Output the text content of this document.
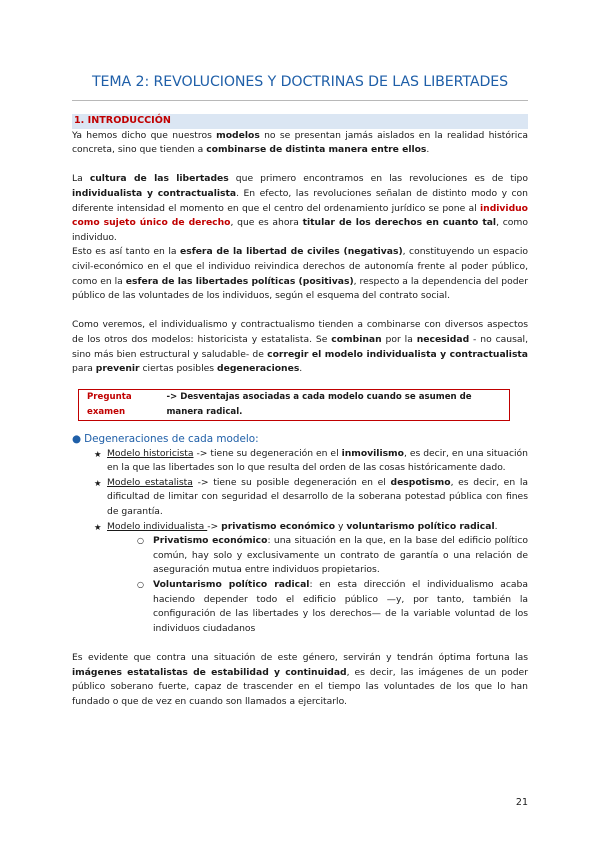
TEMA 2: REVOLUCIONES Y DOCTRINAS DE LAS LIBERTADES
1. INTRODUCCIÓN

Ya hemos dicho que nuestros modelos no se presentan jamás aislados en la realidad histórica concreta, sino que tienden a combinarse de distinta manera entre ellos.

La cultura de las libertades que primero encontramos en las revoluciones es de tipo individualista y contractualista. En efecto, las revoluciones señalan de distinto modo y con diferente intensidad el momento en que el centro del ordenamiento jurídico se pone al individuo como sujeto único de derecho, que es ahora titular de los derechos en cuanto tal, como individuo.

Esto es así tanto en la esfera de la libertad de civiles (negativas), constituyendo un espacio civil-económico en el que el individuo reivindica derechos de autonomía frente al poder público, como en la esfera de las libertades políticas (positivas), respecto a la dependencia del poder público de las voluntades de los individuos, según el esquema del contrato social.

Como veremos, el individualismo y contractualismo tienden a combinarse con diversos aspectos de los otros dos modelos: historicista y estatalista. Se combinan por la necesidad - no causal, sino más bien estructural y saludable- de corregir el modelo individualista y contractualista para prevenir ciertas posibles degeneraciones.

Pregunta examen
-> Desventajas asociadas a cada modelo cuando se asumen de manera radical.
● Degeneraciones de cada modelo:
★ Modelo historicista -> tiene su degeneración en el inmovilismo, es decir, en una situación en la que las libertades son lo que resulta del orden de las cosas históricamente dado.
★ Modelo estatalista -> tiene su posible degeneración en el despotismo, es decir, en la dificultad de limitar con seguridad el desarrollo de la soberana potestad pública con fines de garantía.
★ Modelo individualista -> privatismo económico y voluntarismo político radical.
○ Privatismo económico: una situación en la que, en la base del edificio político común, hay solo y exclusivamente un contrato de garantía o una relación de aseguración mutua entre individuos propietarios.
○ Voluntarismo político radical: en esta dirección el individualismo acaba haciendo depender todo el edificio público —y, por tanto, también la configuración de las libertades y los derechos— de la variable voluntad de los individuos ciudadanos

Es evidente que contra una situación de este género, servirán y tendrán óptima fortuna las imágenes estatalistas de estabilidad y continuidad, es decir, las imágenes de un poder público soberano fuerte, capaz de trascender en el tiempo las voluntades de los que lo han fundado o que de vez en cuando son llamados a ejercitarlo.

21
